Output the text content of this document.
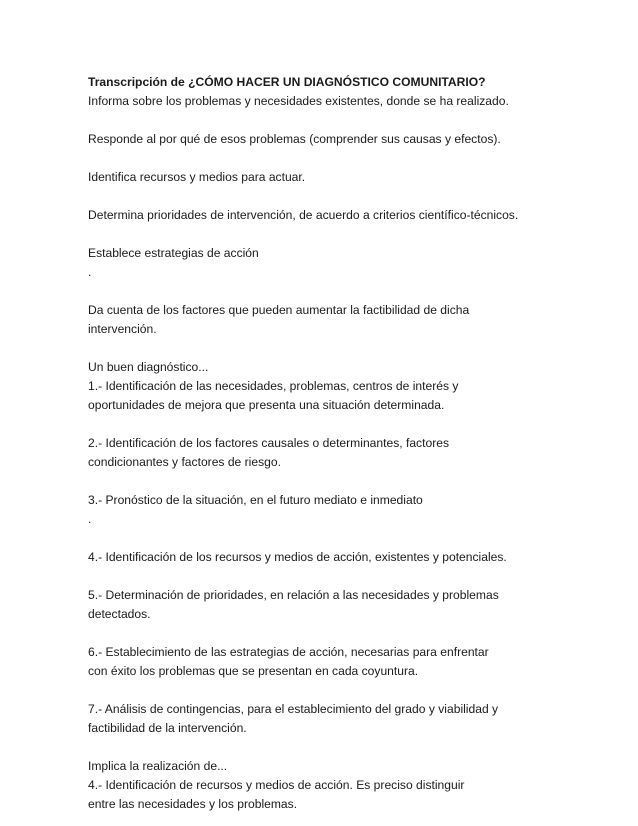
Transcripción de ¿CÓMO HACER UN DIAGNÓSTICO COMUNITARIO?
Informa sobre los problemas y necesidades existentes, donde se ha realizado.
Responde al por qué de esos problemas (comprender sus causas y efectos).
Identifica recursos y medios para actuar.
Determina prioridades de intervención, de acuerdo a criterios científico-técnicos.
Establece estrategias de acción
.
Da cuenta de los factores que pueden aumentar la factibilidad de dicha
intervención.
Un buen diagnóstico...
1.- Identificación de las necesidades, problemas, centros de interés y
oportunidades de mejora que presenta una situación determinada.
2.- Identificación de los factores causales o determinantes, factores
condicionantes y factores de riesgo.
3.- Pronóstico de la situación, en el futuro mediato e inmediato
.
4.- Identificación de los recursos y medios de acción, existentes y potenciales.
5.- Determinación de prioridades, en relación a las necesidades y problemas
detectados.
6.- Establecimiento de las estrategias de acción, necesarias para enfrentar
con éxito los problemas que se presentan en cada coyuntura.
7.- Análisis de contingencias, para el establecimiento del grado y viabilidad y
factibilidad de la intervención.
Implica la realización de...
4.- Identificación de recursos y medios de acción. Es preciso distinguir
entre las necesidades y los problemas.
